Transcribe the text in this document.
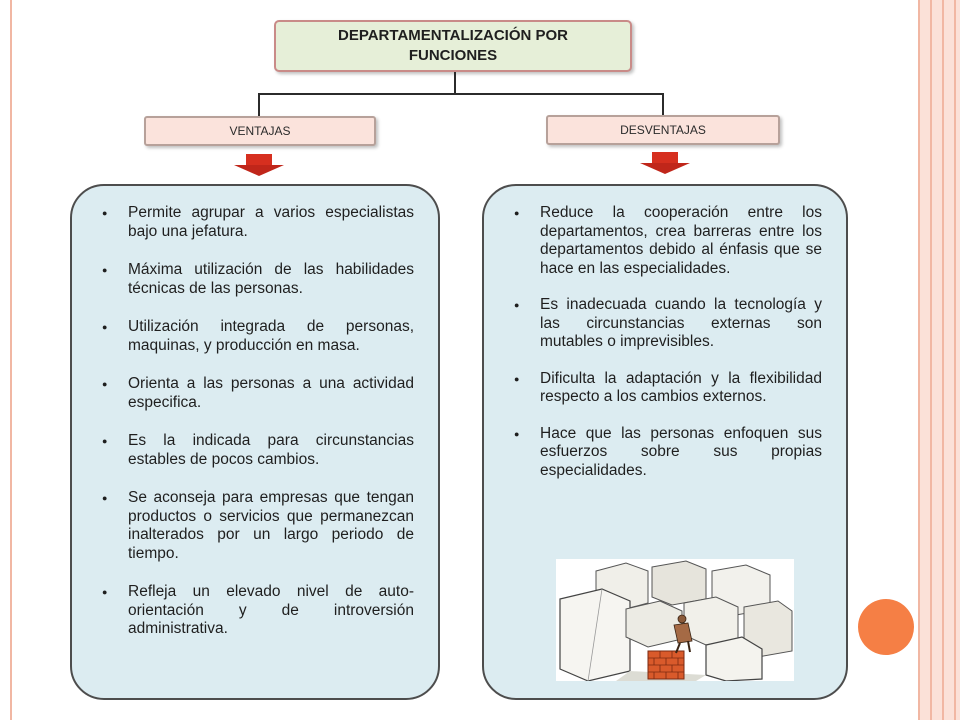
DEPARTAMENTALIZACIÓN POR
FUNCIONES
VENTAJAS	DESVENTAJAS
● Permite agrupar a varios especialistas bajo una jefatura.
● Máxima utilización de las habilidades técnicas de las personas.
● Utilización integrada de personas, maquinas, y producción en masa.
● Orienta a las personas a una actividad especifica.
● Es la indicada para circunstancias estables de pocos cambios.
● Se aconseja para empresas que tengan productos o servicios que permanezcan inalterados por un largo periodo de tiempo.
● Refleja un elevado nivel de auto-orientación y de introversión administrativa.
● Reduce la cooperación entre los departamentos, crea barreras entre los departamentos debido al énfasis que se hace en las especialidades.
● Es inadecuada cuando la tecnología y las circunstancias externas son mutables o imprevisibles.
● Dificulta la adaptación y la flexibilidad respecto a los cambios externos.
● Hace que las personas enfoquen sus esfuerzos sobre sus propias especialidades.
